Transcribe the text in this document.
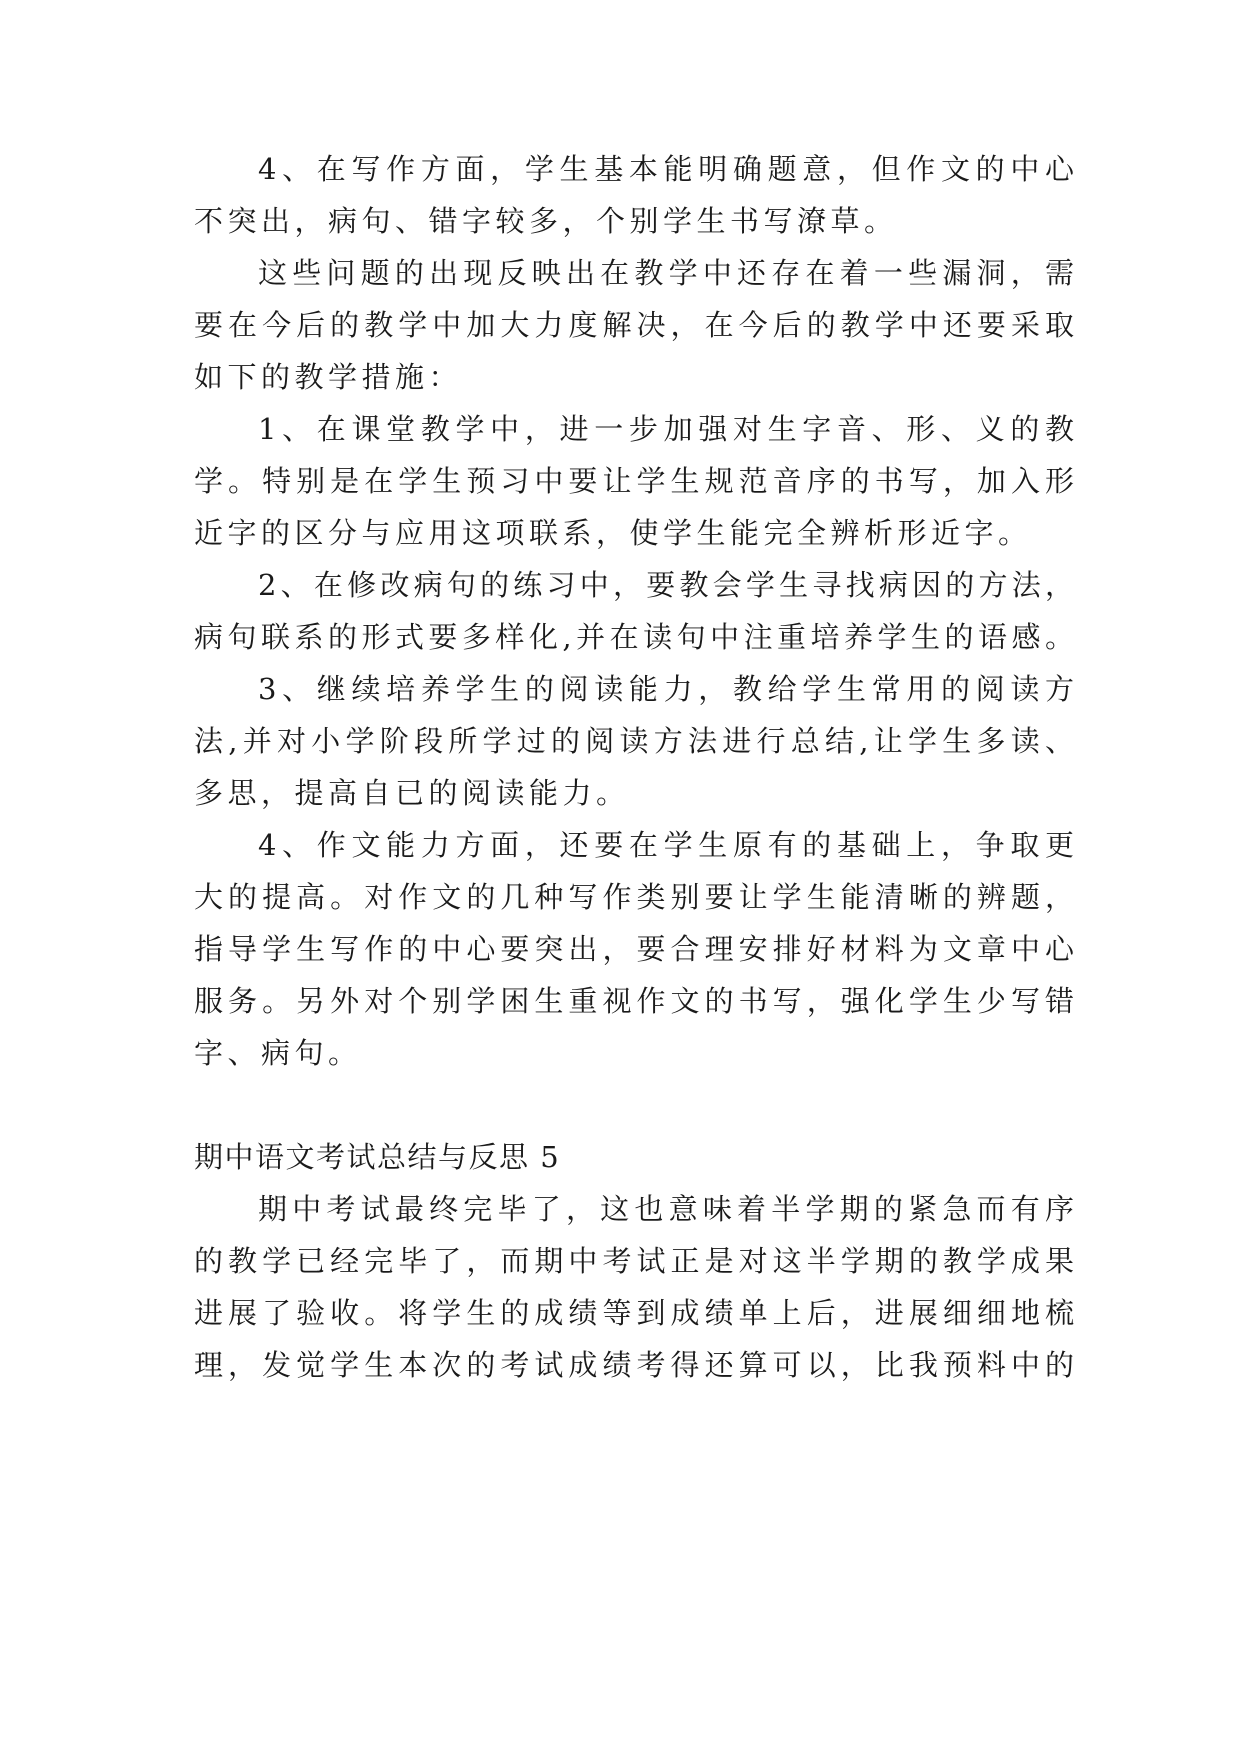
4、在写作方面，学生基本能明确题意，但作文的中心
不突出，病句、错字较多，个别学生书写潦草。
这些问题的出现反映出在教学中还存在着一些漏洞，需
要在今后的教学中加大力度解决，在今后的教学中还要采取
如下的教学措施：
1、在课堂教学中，进一步加强对生字音、形、义的教
学。特别是在学生预习中要让学生规范音序的书写，加入形
近字的区分与应用这项联系，使学生能完全辨析形近字。
2、在修改病句的练习中，要教会学生寻找病因的方法，
病句联系的形式要多样化,并在读句中注重培养学生的语感。
3、继续培养学生的阅读能力，教给学生常用的阅读方
法,并对小学阶段所学过的阅读方法进行总结,让学生多读、
多思，提高自已的阅读能力。
4、作文能力方面，还要在学生原有的基础上，争取更
大的提高。对作文的几种写作类别要让学生能清晰的辨题，
指导学生写作的中心要突出，要合理安排好材料为文章中心
服务。另外对个别学困生重视作文的书写，强化学生少写错
字、病句。
期中语文考试总结与反思 5
期中考试最终完毕了，这也意味着半学期的紧急而有序
的教学已经完毕了，而期中考试正是对这半学期的教学成果
进展了验收。将学生的成绩等到成绩单上后，进展细细地梳
理，发觉学生本次的考试成绩考得还算可以，比我预料中的
